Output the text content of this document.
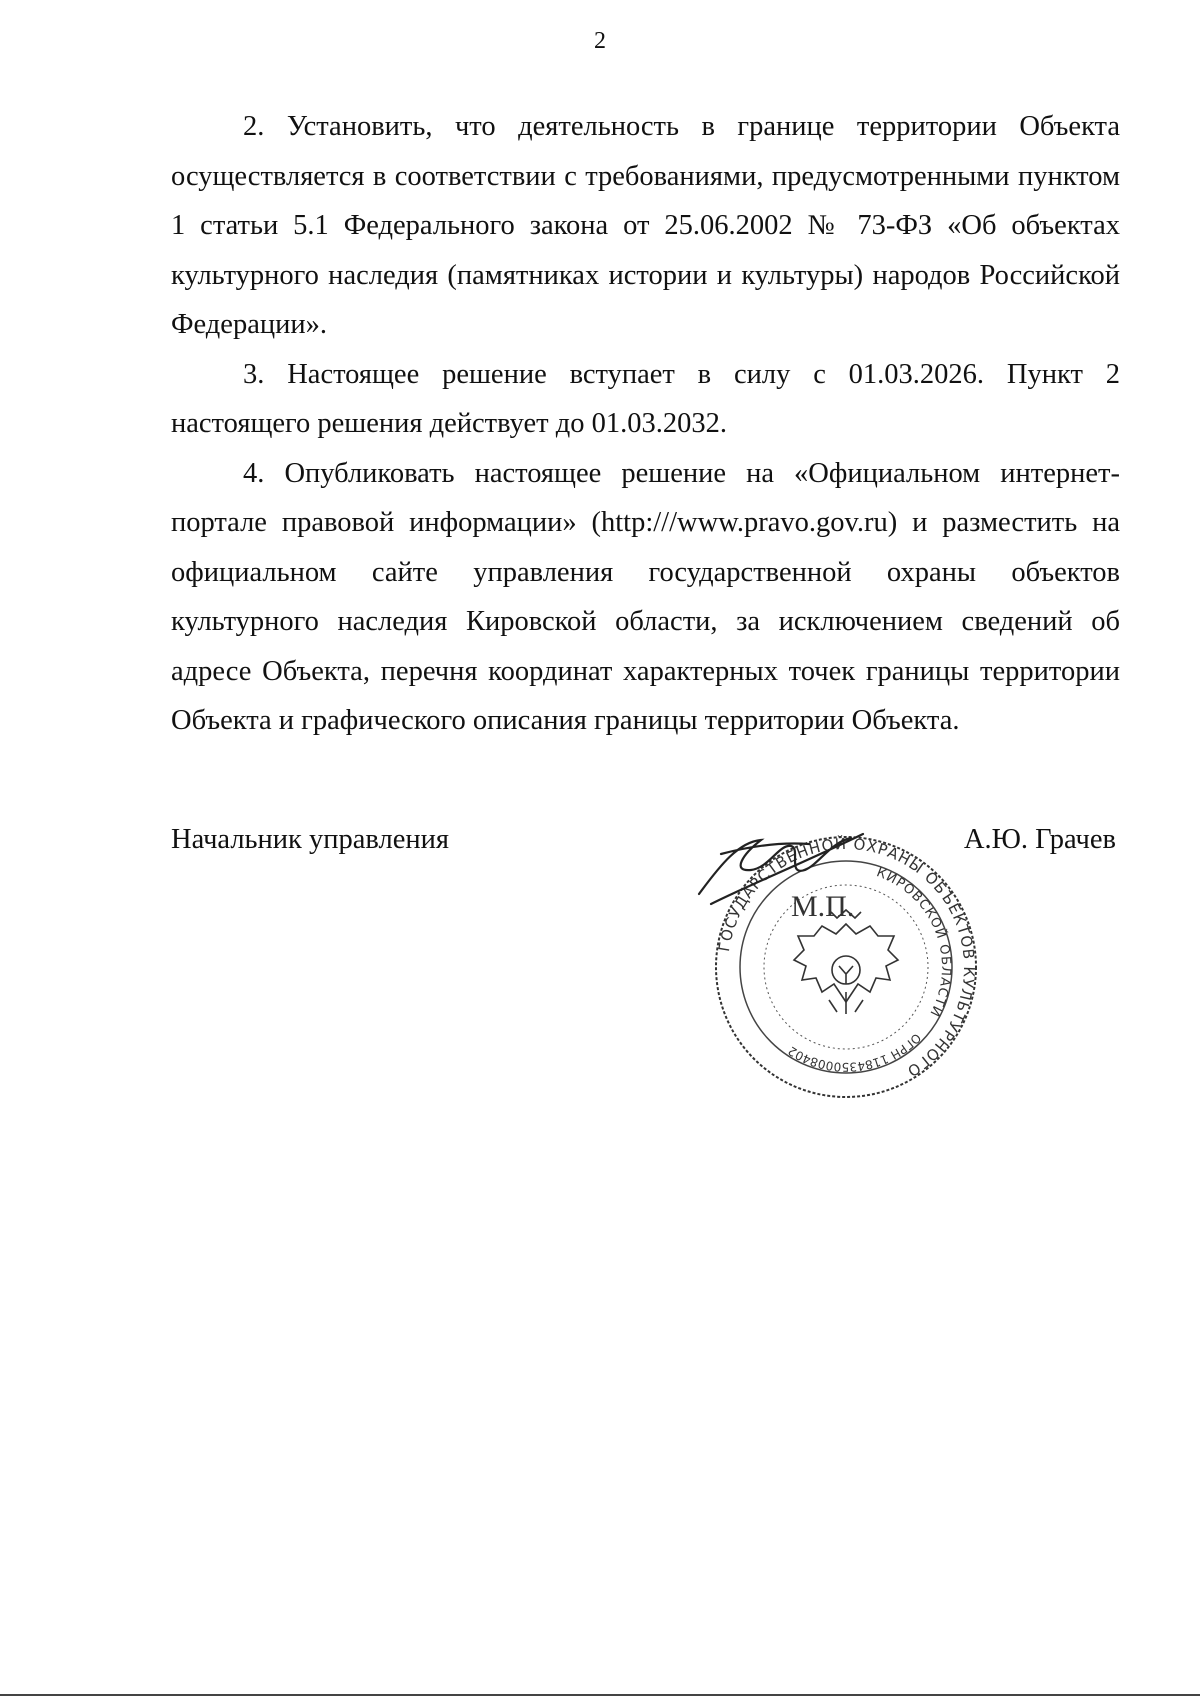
2

2. Установить, что деятельность в границе территории Объекта осуществляется в соответствии с требованиями, предусмотренными пунктом 1 статьи 5.1 Федерального закона от 25.06.2002 № 73-ФЗ «Об объектах культурного наследия (памятниках истории и культуры) народов Российской Федерации».

3. Настоящее решение вступает в силу с 01.03.2026. Пункт 2 настоящего решения действует до 01.03.2032.

4. Опубликовать настоящее решение на «Официальном интернет-портале правовой информации» (http:///www.pravo.gov.ru) и разместить на официальном сайте управления государственной охраны объектов культурного наследия Кировской области, за исключением сведений об адресе Объекта, перечня координат характерных точек границы территории Объекта и графического описания границы территории Объекта.

Начальник управления
ГОСУДАРСТВЕННОЙ ОХРАНЫ ОБЪЕКТОВ КУЛЬТУРНОГО
КИРОВСКОЙ ОБЛАСТИ
ОГРН 1184350008402
М.П.
А.Ю. Грачев
